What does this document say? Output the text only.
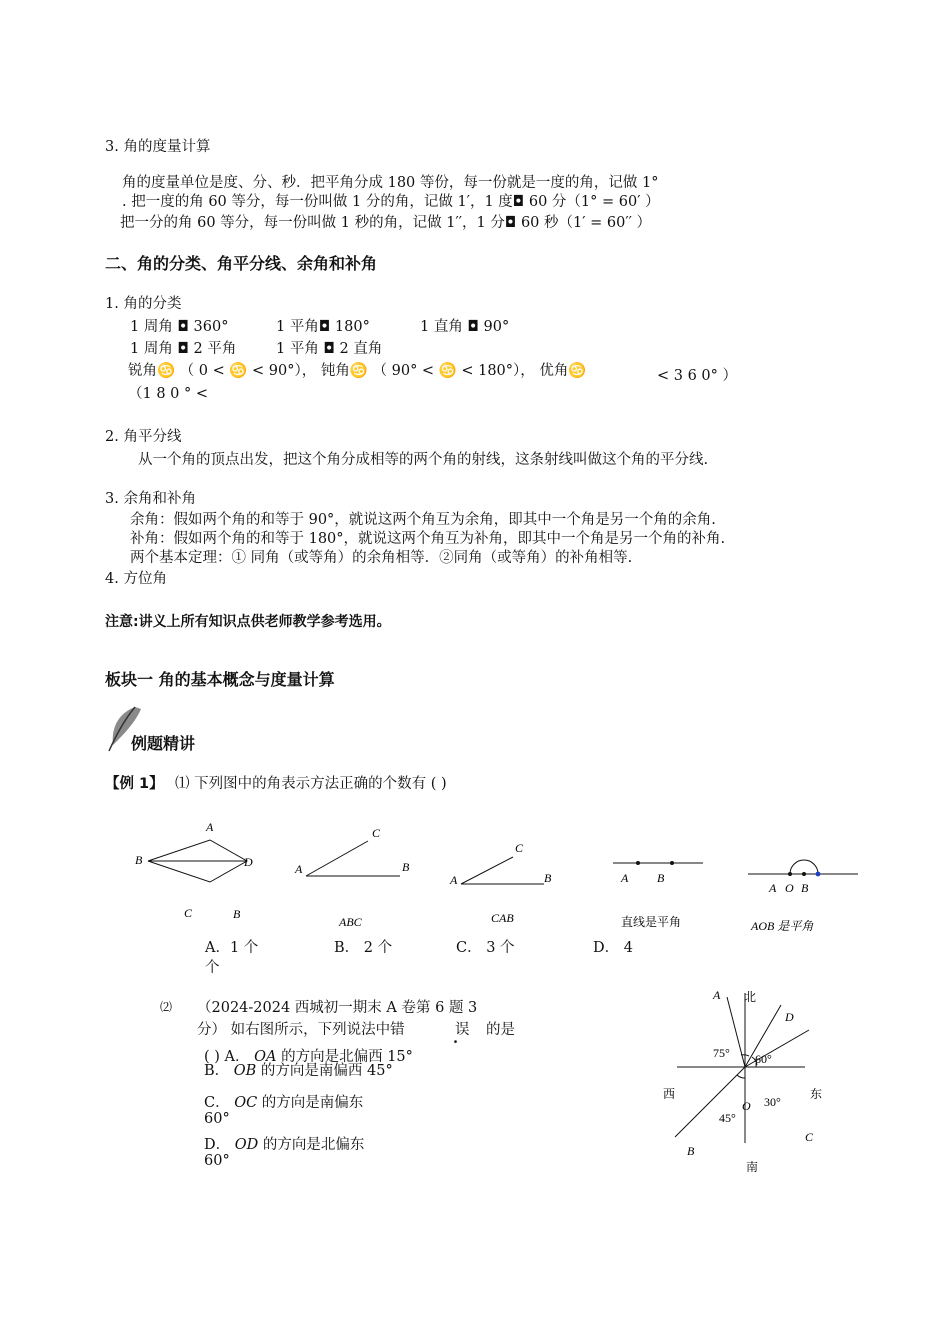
3. 角的度量计算
角的度量单位是度、分、秒．把平角分成 180 等份，每一份就是一度的角，记做 1°
. 把一度的角 60 等分，每一份叫做 1 分的角，记做 1′，1 度◘ 60 分（1° = 60′ ）
把一分的角 60 等分，每一份叫做 1 秒的角，记做 1′′，1 分◘ 60 秒（1′ = 60′′ ）
二、角的分类、角平分线、余角和补角
1. 角的分类
1 周角 ◘ 360°	1 平角◘ 180°	1 直角 ◘ 90°
1 周角 ◘ 2 平角	1 平角 ◘ 2 直角
锐角♋ （ 0 < ♋ < 90°）， 钝角♋ （ 90° < ♋ < 180°）， 优角♋	< 3 6 0° ）
（1 8 0 ° <
2. 角平分线
从一个角的顶点出发，把这个角分成相等的两个角的射线，这条射线叫做这个角的平分线.
3. 余角和补角
余角：假如两个角的和等于 90°，就说这两个角互为余角，即其中一个角是另一个角的余角.
补角：假如两个角的和等于 180°，就说这两个角互为补角，即其中一个角是另一个角的补角.
两个基本定理：① 同角（或等角）的余角相等．②同角（或等角）的补角相等.
4. 方位角
注意:讲义上所有知识点供老师教学参考选用。
板块一 角的基本概念与度量计算
例题精讲
【例 1】 ⑴ 下列图中的角表示方法正确的个数有 ( )
A
B	D
C	B
A	B
C
ABC
A	B
C
CAB
A B
直线是平角
A O B
AOB 是平角
A．1 个
个
B． 2 个	C． 3 个	D． 4
⑵ （2024-2024 西城初一期末 A 卷第 6 题 3
分） 如右图所示，下列说法中错	误 的是
.
( ) A． OA 的方向是北偏西 15°
B． OB 的方向是南偏西 45°
C． OC 的方向是南偏东
60°
D． OD 的方向是北偏东
60°
A 北
D
75° 60°
西	东
O 30°
45°
C
B
南
